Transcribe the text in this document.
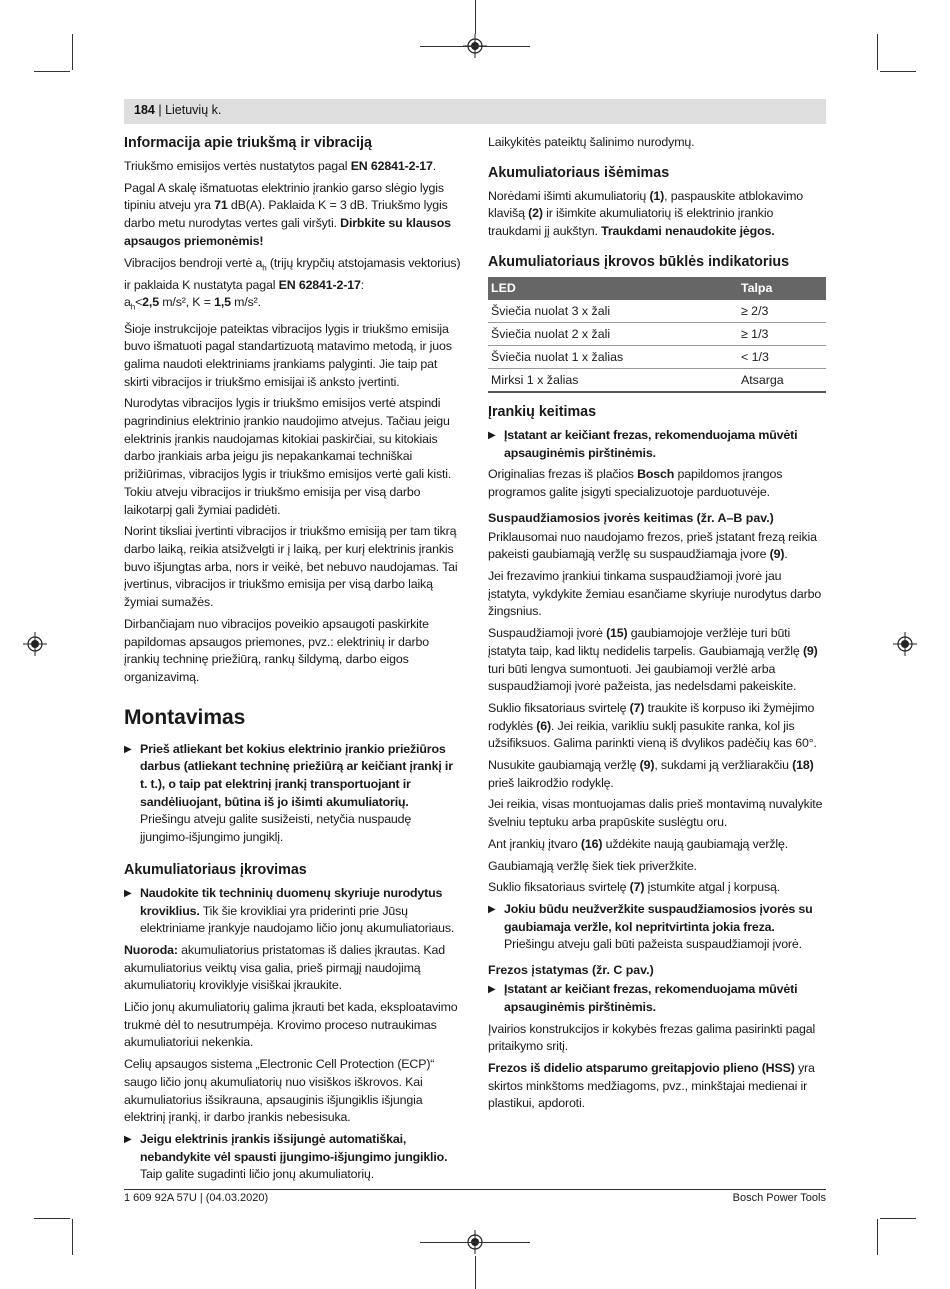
184 | Lietuvių k.
Informacija apie triukšmą ir vibraciją

Triukšmo emisijos vertės nustatytos pagal EN 62841-2-17.

Pagal A skalę išmatuotas elektrinio įrankio garso slėgio lygis tipiniu atveju yra 71 dB(A). Paklaida K = 3 dB. Triukšmo lygis darbo metu nurodytas vertes gali viršyti. Dirbkite su klausos apsaugos priemonėmis!

Vibracijos bendroji vertė $a_h$ (trijų krypčių atstojamasis vektorius) ir paklaida K nustatyta pagal EN 62841-2-17:
$a_h<2,5$ m/s², K = 1,5 m/s².

Šioje instrukcijoje pateiktas vibracijos lygis ir triukšmo emisija buvo išmatuoti pagal standartizuotą matavimo metodą, ir juos galima naudoti elektriniams įrankiams palyginti. Jie taip pat skirti vibracijos ir triukšmo emisijai iš anksto įvertinti.

Nurodytas vibracijos lygis ir triukšmo emisijos vertė atspindi pagrindinius elektrinio įrankio naudojimo atvejus. Tačiau jeigu elektrinis įrankis naudojamas kitokiai paskirčiai, su kitokiais darbo įrankiais arba jeigu jis nepakankamai techniškai prižiūrimas, vibracijos lygis ir triukšmo emisijos vertė gali kisti. Tokiu atveju vibracijos ir triukšmo emisija per visą darbo laikotarpį gali žymiai padidėti.

Norint tiksliai įvertinti vibracijos ir triukšmo emisiją per tam tikrą darbo laiką, reikia atsižvelgti ir į laiką, per kurį elektrinis įrankis buvo išjungtas arba, nors ir veikė, bet nebuvo naudojamas. Tai įvertinus, vibracijos ir triukšmo emisija per visą darbo laiką žymiai sumažės.

Dirbančiajam nuo vibracijos poveikio apsaugoti paskirkite papildomas apsaugos priemones, pvz.: elektrinių ir darbo įrankių techninę priežiūrą, rankų šildymą, darbo eigos organizavimą.

Montavimas
▶ Prieš atliekant bet kokius elektrinio įrankio priežiūros darbus (atliekant techninę priežiūrą ar keičiant įrankį ir t. t.), o taip pat elektrinį įrankį transportuojant ir sandėliuojant, būtina iš jo išimti akumuliatorių. Priešingu atveju galite susižeisti, netyčia nuspaudę įjungimo-išjungimo jungiklį.
Akumuliatoriaus įkrovimas
▶ Naudokite tik techninių duomenų skyriuje nurodytus kroviklius. Tik šie krovikliai yra priderinti prie Jūsų elektriniame įrankyje naudojamo ličio jonų akumuliatoriaus.

Nuoroda: akumuliatorius pristatomas iš dalies įkrautas. Kad akumuliatorius veiktų visa galia, prieš pirmąjį naudojimą akumuliatorių kroviklyje visiškai įkraukite.

Ličio jonų akumuliatorių galima įkrauti bet kada, eksploatavimo trukmė dėl to nesutrumpėja. Krovimo proceso nutraukimas akumuliatoriui nekenkia.

Celių apsaugos sistema „Electronic Cell Protection (ECP)“ saugo ličio jonų akumuliatorių nuo visiškos iškrovos. Kai akumuliatorius išsikrauna, apsauginis išjungiklis išjungia elektrinį įrankį, ir darbo įrankis nebesisuka.

▶ Jeigu elektrinis įrankis išsijungė automatiškai, nebandykite vėl spausti įjungimo-išjungimo jungiklio. Taip galite sugadinti ličio jonų akumuliatorių.

Laikykitės pateiktų šalinimo nurodymų.

Akumuliatoriaus išėmimas

Norėdami išimti akumuliatorių (1), paspauskite atblokavimo klavišą (2) ir išimkite akumuliatorių iš elektrinio įrankio traukdami jį aukštyn. Traukdami nenaudokite jėgos.

Akumuliatoriaus įkrovos būklės indikatorius
LED	Talpa
Šviečia nuolat 3 x žali	≥ 2/3
Šviečia nuolat 2 x žali	≥ 1/3
Šviečia nuolat 1 x žalias	< 1/3
Mirksi 1 x žalias	Atsarga
Įrankių keitimas
▶ Įstatant ar keičiant frezas, rekomenduojama mūvėti apsauginėmis pirštinėmis.

Originalias frezas iš plačios Bosch papildomos įrangos programos galite įsigyti specializuotoje parduotuvėje.

Suspaudžiamosios įvorės keitimas (žr. A–B pav.)

Priklausomai nuo naudojamo frezos, prieš įstatant frezą reikia pakeisti gaubiamąją veržlę su suspaudžiamąja įvore (9).

Jei frezavimo įrankiui tinkama suspaudžiamoji įvorė jau įstatyta, vykdykite žemiau esančiame skyriuje nurodytus darbo žingsnius.

Suspaudžiamoji įvorė (15) gaubiamojoje veržlėje turi būti įstatyta taip, kad liktų nedidelis tarpelis. Gaubiamąją veržlę (9) turi būti lengva sumontuoti. Jei gaubiamoji veržlė arba suspaudžiamoji įvorė pažeista, jas nedelsdami pakeiskite.

Suklio fiksatoriaus svirtelę (7) traukite iš korpuso iki žymėjimo rodyklės (6). Jei reikia, varikliu suklį pasukite ranka, kol jis užsifiksuos. Galima parinkti vieną iš dvylikos padėčių kas 60°.

Nusukite gaubiamąją veržlę (9), sukdami ją veržliarakčiu (18) prieš laikrodžio rodyklę.

Jei reikia, visas montuojamas dalis prieš montavimą nuvalykite švelniu teptuku arba prapūskite suslėgtu oru.

Ant įrankių įtvaro (16) uždėkite naują gaubiamąją veržlę.

Gaubiamąją veržlę šiek tiek priveržkite.

Suklio fiksatoriaus svirtelę (7) įstumkite atgal į korpusą.

▶ Jokiu būdu neužveržkite suspaudžiamosios įvorės su gaubiamaja veržle, kol nepritvirtinta jokia freza. Priešingu atveju gali būti pažeista suspaudžiamoji įvorė.
Frezos įstatymas (žr. C pav.)
▶ Įstatant ar keičiant frezas, rekomenduojama mūvėti apsauginėmis pirštinėmis.

Įvairios konstrukcijos ir kokybės frezas galima pasirinkti pagal pritaikymo sritį.

Frezos iš didelio atsparumo greitapjovio plieno (HSS) yra skirtos minkštoms medžiagoms, pvz., minkštajai medienai ir plastikui, apdoroti.

1 609 92A 57U | (04.03.2020)	Bosch Power Tools
